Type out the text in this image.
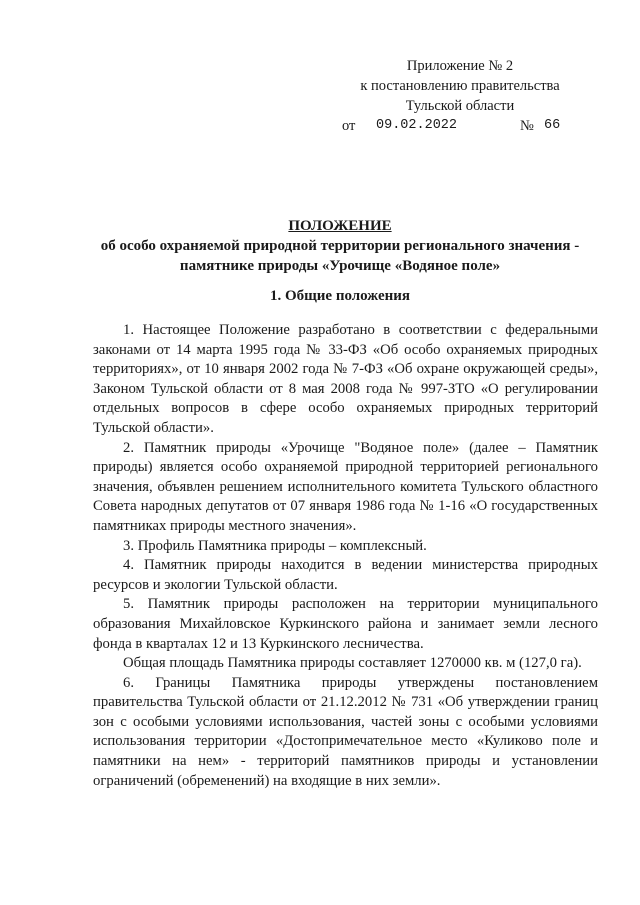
Приложение № 2
к постановлению правительства
Тульской области
от 09.02.2022	№ 66
ПОЛОЖЕНИЕ
об особо охраняемой природной территории регионального значения -
памятнике природы «Урочище «Водяное поле»
1. Общие положения

1. Настоящее Положение разработано в соответствии с федеральными законами от 14 марта 1995 года № 33-ФЗ «Об особо охраняемых природных территориях», от 10 января 2002 года № 7-ФЗ «Об охране окружающей среды», Законом Тульской области от 8 мая 2008 года № 997-ЗТО «О регулировании отдельных вопросов в сфере особо охраняемых природных территорий Тульской области».

2. Памятник природы «Урочище "Водяное поле» (далее – Памятник природы) является особо охраняемой природной территорией регионального значения, объявлен решением исполнительного комитета Тульского областного Совета народных депутатов от 07 января 1986 года № 1-16 «О государственных памятниках природы местного значения».

3. Профиль Памятника природы – комплексный.

4. Памятник природы находится в ведении министерства природных ресурсов и экологии Тульской области.

5. Памятник природы расположен на территории муниципального образования Михайловское Куркинского района и занимает земли лесного фонда в кварталах 12 и 13 Куркинского лесничества.

Общая площадь Памятника природы составляет 1270000 кв. м (127,0 га).

6. Границы Памятника природы утверждены постановлением правительства Тульской области от 21.12.2012 № 731 «Об утверждении границ зон с особыми условиями использования, частей зоны с особыми условиями использования территории «Достопримечательное место «Куликово поле и памятники на нем» - территорий памятников природы и установлении ограничений (обременений) на входящие в них земли».
